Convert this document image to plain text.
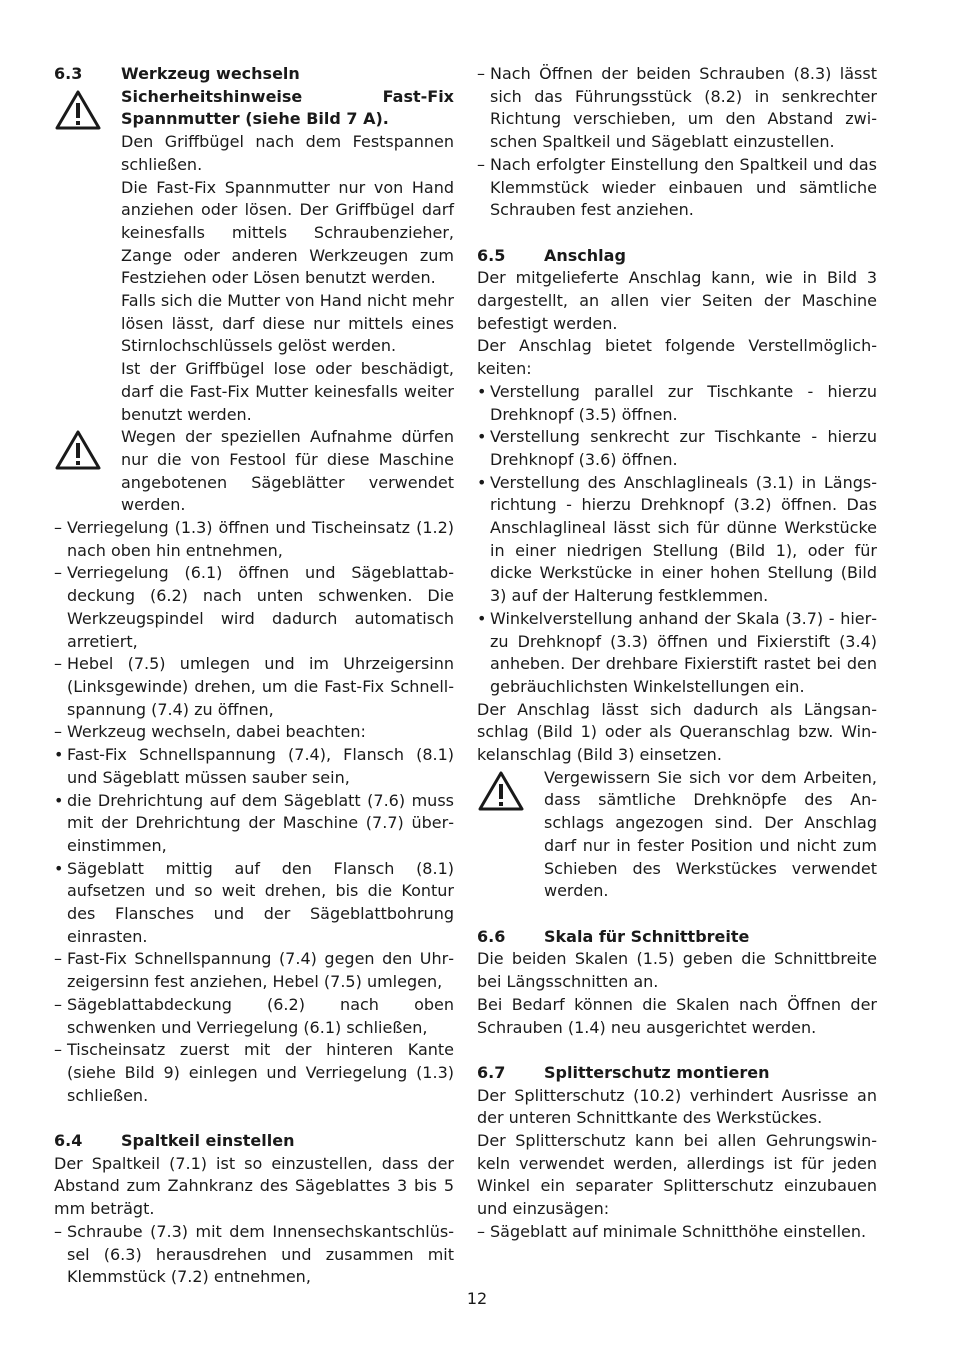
6.3	Werkzeug wechseln

Sicherheitshinweise Fast-Fix Spannmutter (siehe Bild 7 A).

Den Griffbügel nach dem Festspannen schließen.

Die Fast-Fix Spannmutter nur von Hand anziehen oder lösen. Der Griffbügel darf keinesfalls mittels Schraubenzieher, Zange oder anderen Werkzeugen zum Festziehen oder Lösen benutzt werden.

Falls sich die Mutter von Hand nicht mehr lösen lässt, darf diese nur mittels eines Stirnlochschlüssels gelöst werden.

Ist der Griffbügel lose oder beschädigt, darf die Fast-Fix Mutter keinesfalls weiter benutzt werden.

Wegen der speziellen Aufnahme dürfen nur die von Festool für diese Maschine angebotenen Sägeblätter verwendet werden.

– Verriegelung (1.3) öffnen und Tischeinsatz (1.2) nach oben hin entnehmen,
– Verriegelung (6.1) öffnen und Sägeblattabdeckung (6.2) nach unten schwenken. Die Werkzeugspindel wird dadurch automatisch arretiert,
– Hebel (7.5) umlegen und im Uhrzeigersinn (Linksgewinde) drehen, um die Fast-Fix Schnellspannung (7.4) zu öffnen,
– Werkzeug wechseln, dabei beachten:
• Fast-Fix Schnellspannung (7.4), Flansch (8.1) und Sägeblatt müssen sauber sein,
• die Drehrichtung auf dem Sägeblatt (7.6) muss mit der Drehrichtung der Maschine (7.7) übereinstimmen,
• Sägeblatt mittig auf den Flansch (8.1) aufsetzen und so weit drehen, bis die Kontur des Flansches und der Sägeblattbohrung einrasten.
– Fast-Fix Schnellspannung (7.4) gegen den Uhrzeigersinn fest anziehen, Hebel (7.5) umlegen,
– Sägeblattabdeckung (6.2) nach oben schwenken und Verriegelung (6.1) schließen,
– Tischeinsatz zuerst mit der hinteren Kante (siehe Bild 9) einlegen und Verriegelung (1.3) schließen.
6.4	Spaltkeil einstellen

Der Spaltkeil (7.1) ist so einzustellen, dass der Abstand zum Zahnkranz des Sägeblattes 3 bis 5 mm beträgt.

– Schraube (7.3) mit dem Innensechskantschlüssel (6.3) herausdrehen und zusammen mit Klemmstück (7.2) entnehmen,
– Nach Öffnen der beiden Schrauben (8.3) lässt sich das Führungsstück (8.2) in senkrechter Richtung verschieben, um den Abstand zwischen Spaltkeil und Sägeblatt einzustellen.
– Nach erfolgter Einstellung den Spaltkeil und das Klemmstück wieder einbauen und sämtliche Schrauben fest anziehen.
6.5	Anschlag

Der mitgelieferte Anschlag kann, wie in Bild 3 dargestellt, an allen vier Seiten der Maschine befestigt werden.

Der Anschlag bietet folgende Verstellmöglichkeiten:

• Verstellung parallel zur Tischkante - hierzu Drehknopf (3.5) öffnen.
• Verstellung senkrecht zur Tischkante - hierzu Drehknopf (3.6) öffnen.
• Verstellung des Anschlaglineals (3.1) in Längsrichtung - hierzu Drehknopf (3.2) öffnen. Das Anschlaglineal lässt sich für dünne Werkstücke in einer niedrigen Stellung (Bild 1), oder für dicke Werkstücke in einer hohen Stellung (Bild 3) auf der Halterung festklemmen.
• Winkelverstellung anhand der Skala (3.7) - hierzu Drehknopf (3.3) öffnen und Fixierstift (3.4) anheben. Der drehbare Fixierstift rastet bei den gebräuchlichsten Winkelstellungen ein.

Der Anschlag lässt sich dadurch als Längsanschlag (Bild 1) oder als Queranschlag bzw. Winkelanschlag (Bild 3) einsetzen.

Vergewissern Sie sich vor dem Arbeiten, dass sämtliche Drehknöpfe des Anschlags angezogen sind. Der Anschlag darf nur in fester Position und nicht zum Schieben des Werkstückes verwendet werden.

6.6	Skala für Schnittbreite

Die beiden Skalen (1.5) geben die Schnittbreite bei Längsschnitten an.

Bei Bedarf können die Skalen nach Öffnen der Schrauben (1.4) neu ausgerichtet werden.

6.7	Splitterschutz montieren

Der Splitterschutz (10.2) verhindert Ausrisse an der unteren Schnittkante des Werkstückes.

Der Splitterschutz kann bei allen Gehrungswinkeln verwendet werden, allerdings ist für jeden Winkel ein separater Splitterschutz einzubauen und einzusägen:

– Sägeblatt auf minimale Schnitthöhe einstellen.
12
